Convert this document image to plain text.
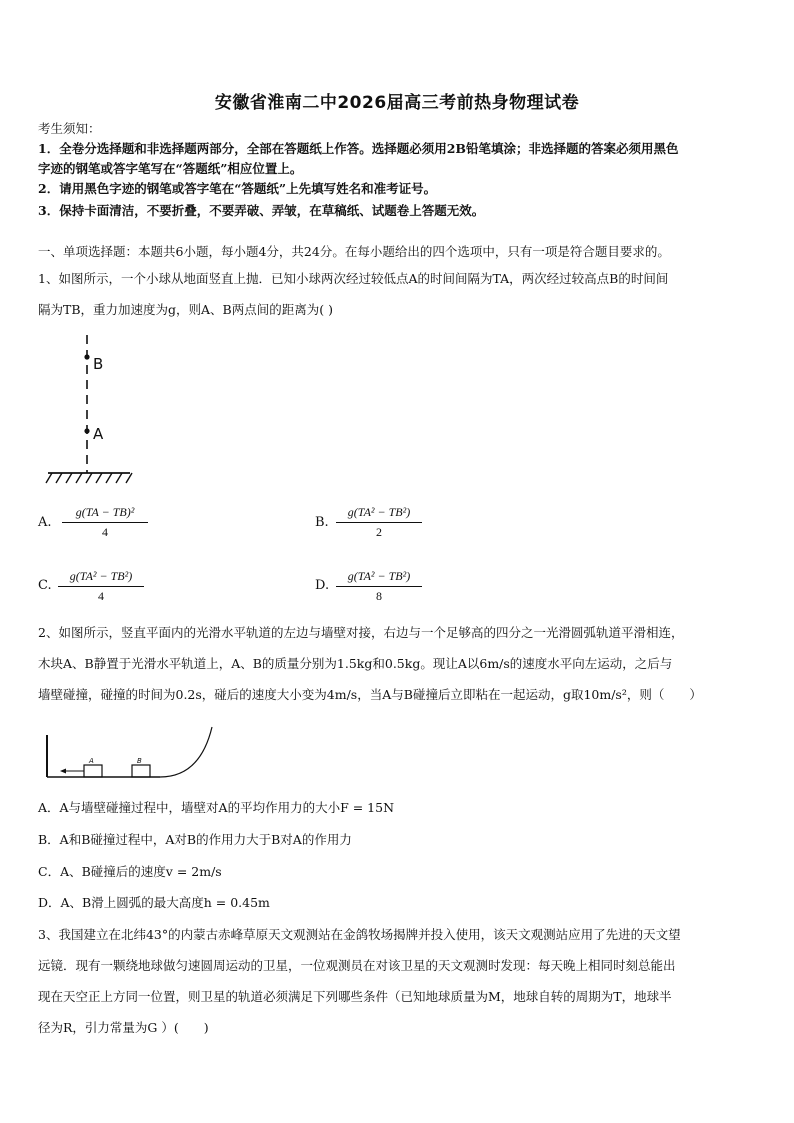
安徽省淮南二中2026届高三考前热身物理试卷
考生须知：
1．全卷分选择题和非选择题两部分，全部在答题纸上作答。选择题必须用2B铅笔填涂；非选择题的答案必须用黑色
字迹的钢笔或答字笔写在“答题纸”相应位置上。
2．请用黑色字迹的钢笔或答字笔在“答题纸”上先填写姓名和准考证号。
3．保持卡面清洁，不要折叠，不要弄破、弄皱，在草稿纸、试题卷上答题无效。
一、单项选择题：本题共6小题，每小题4分，共24分。在每小题给出的四个选项中，只有一项是符合题目要求的。
1、如图所示，一个小球从地面竖直上抛．已知小球两次经过较低点A的时间间隔为TA，两次经过较高点B的时间间
隔为TB，重力加速度为g，则A、B两点间的距离为( )
B
A
A.
g(TA − TB)²
4
B.
g(TA² − TB²)
2
C.
g(TA² − TB²)
4
D.
g(TA² − TB²)
8
2、如图所示，竖直平面内的光滑水平轨道的左边与墙壁对接，右边与一个足够高的四分之一光滑圆弧轨道平滑相连，
木块A、B静置于光滑水平轨道上，A、B的质量分别为1.5kg和0.5kg。现让A以6m/s的速度水平向左运动，之后与
墙壁碰撞，碰撞的时间为0.2s，碰后的速度大小变为4m/s，当A与B碰撞后立即粘在一起运动，g取10m/s²，则（　　）
A	B
A．A与墙壁碰撞过程中，墙壁对A的平均作用力的大小F = 15N
B．A和B碰撞过程中，A对B的作用力大于B对A的作用力
C．A、B碰撞后的速度v = 2m/s
D．A、B滑上圆弧的最大高度h = 0.45m
3、我国建立在北纬43°的内蒙古赤峰草原天文观测站在金鸽牧场揭牌并投入使用，该天文观测站应用了先进的天文望
远镜．现有一颗绕地球做匀速圆周运动的卫星，一位观测员在对该卫星的天文观测时发现：每天晚上相同时刻总能出
现在天空正上方同一位置，则卫星的轨道必须满足下列哪些条件（已知地球质量为M，地球自转的周期为T，地球半
径为R，引力常量为G ）(　　)
